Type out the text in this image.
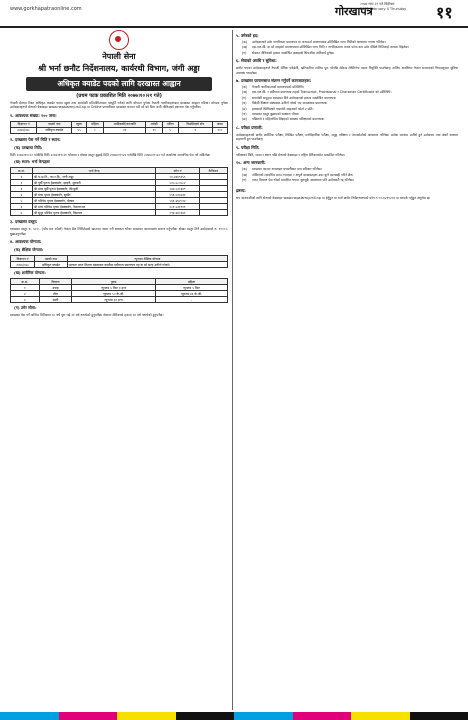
www.gorkhapatraonline.com	गोरखापत्र
२०७७ माघ २१ गते बिहीबार
2021 February 4 Thursday ११
नेपाली सेना
श्री भर्ना छनौट निर्देशनालय, कार्यरथी विभाग, जंगी अड्डा
अधिकृत क्याडेट पदको लागि दरखास्त आह्वान
(प्रथम पटक प्रकाशित मिति २०७७।१०।२१ गते)

नेपाली सेनामा रिक्त अधिकृत क्याडेट पदमा खुला तथा समावेशी प्रतियोगिताबाट पदपूर्ति गर्नको लागि योग्यता पुगेका नेपाली नागरिकहरूबाट दरखास्त आह्वान गरिन्छ। योग्यता पुगेका उम्मेदवारहरूले सेनाको वेबसाइट www.nepalarmy.mil.np मा Online प्रणालीबाट दरखास्त फाराम भरी सो को प्रिन्ट कपी तोकिएको स्थानमा पेश गर्नुपर्नेछ।

१. आवश्यक संख्या: १०० जना।
विज्ञापन नं	पदको नाम	खुला	महिला	आदिवासी/जनजाति	मधेसी	दलित	पिछडिएको क्षेत्र	जम्मा
२०७७/०७८	अधिकृत क्याडेट	५५	८	१२	१०	५	२	१००
२. दरखास्त पेस गर्ने मिति र स्थान:
(क) दरखास्त मिति:

मिति २०७७।१०।२२ गतेदेखि मिति २०७७।११।२१ गतेसम्म र दोब्बर दस्तुर बुझाई मिति २०७७।११।२२ गतेदेखि मिति २०७७।११।२८ गते कार्यालय समयभित्र पेस गर्न सकिनेछ।

(ख) स्थान: भर्ना केन्द्रहरू
क्र.सं.	भर्ना केन्द्र	फोन नं	कैफियत
१	श्री भ.छ.नि., का.र.वि., जंगी अड्डा	०१-४२६९२५९	
२	श्री पूर्वी पृतना हेडक्वार्टर, इटहरी, सुनसरी	०२५-५८०५८२	
३	श्री मध्य पूर्वी पृतना हेडक्वार्टर, सिन्धुली	०४७-५२०३४९	
४	श्री मध्य पृतना हेडक्वार्टर, सुर्खेत	०५६-५२८७३१	
५	श्री पश्चिम पृतना हेडक्वार्टर, पोखरा	०६१-४६२०२२	
६	श्री मध्य पश्चिम पृतना हेडक्वार्टर, नेपालगञ्ज	०८१-५२१९११	
७	श्री सुदूर पश्चिम पृतना हेडक्वार्टर, दिपायल	०९४-४४०२४१	
३. दरखास्त दस्तुर:

दरखास्त दस्तुर रु. ५००।- (पाँच सय रुपैयाँ) नेपाल बैंक लिमिटेडको खातामा जम्मा गरी सक्कल भौचर दरखास्त फारामसाथ संलग्न गर्नुपर्नेछ। दोब्बर दस्तुर तिर्ने उम्मेदवारले रु. १०००।- बुझाउनुपर्नेछ।

४. आवश्यक योग्यता:
(क) शैक्षिक योग्यता:
विज्ञापन नं	पदको नाम	न्यूनतम शैक्षिक योग्यता
२०७७/०७८	अधिकृत क्याडेट	मान्यता प्राप्त शिक्षण संस्थाबाट कम्तीमा प्रवीणता प्रमाणपत्र तह वा सो सरह उत्तीर्ण गरेको।
(ख) शारीरिक योग्यता:
क्र.सं.	विवरण	पुरुष	महिला
१	उचाइ	न्यूनतम ५ फिट ३ इन्च	न्यूनतम ५ फिट
२	तौल	न्यूनतम ५० के.जी.	न्यूनतम ४६ के.जी.
३	छाती	न्यूनतम ३२ इन्च	-
(ग) उमेर सीमा:

दरखास्त पेस गर्ने अन्तिम मितिसम्म १८ वर्ष पूरा भई २१ वर्ष ननाघेको हुनुपर्नेछ। सेवारत सैनिकको हकमा २४ वर्ष ननाघेको हुनुपर्नेछ।

५. उमेरको हद:
(क)	उम्मेदवारको उमेर नागरिकता प्रमाणपत्र वा जन्मदर्ता प्रमाणपत्रमा उल्लिखित जन्म मितिको आधारमा गणना गरिनेछ।
(ख)	एस.एल.सी. वा सो सरहको प्रमाणपत्रमा उल्लिखित जन्म मिति र नागरिकतामा फरक परेमा कम उमेर देखिने मितिलाई मान्यता दिइनेछ।
(ग)	सेवारत सैनिकको हकमा सम्बन्धित इकाइको सिफारिस अनिवार्य हुनेछ।
६. सेवाको अवधि र सुविधा:

छनौट भएका उम्मेदवारहरूले नेपाली सैनिक एकेडेमी, खरिपाटीमा तालिम पूरा गरेपछि सेकेन्ड लेफ्टिनेन्ट पदमा नियुक्ति पाउनेछन्। तालिम अवधिभर नेपाल सरकारको नियमानुसार सुविधा उपलब्ध गराइनेछ।

७. दरखास्त फारामसाथ संलग्न गर्नुपर्ने कागजातहरू:
(क)	नेपाली नागरिकताको प्रमाणपत्रको प्रतिलिपि।
(ख)	एस.एल.सी. र प्रवीणता प्रमाणपत्र तहको Transcript, Provisional र Character Certificate को प्रतिलिपि।
(ग)	समावेशी समूहमा दरखास्त दिने उम्मेदवारको हकमा सम्बन्धित प्रमाणपत्र।
(घ)	विदेशी शिक्षण संस्थाबाट उत्तीर्ण गरेको भए समकक्षता प्रमाणपत्र।
(ङ)	हालसालै खिचिएको पासपोर्ट साइजको फोटो २ प्रति।
(च)	दरखास्त दस्तुर बुझाएको सक्कल भौचर।
(छ)	पछिल्लो ६ महिनाभित्र लिइएको स्वास्थ्य परीक्षणको प्रमाणपत्र।
८. परीक्षा प्रणाली:

उम्मेदवारहरूको छनौट शारीरिक परीक्षा, लिखित परीक्षा, मनोवैज्ञानिक परीक्षा, समूह परीक्षण र अन्तर्वार्ताको आधारमा गरिनेछ। प्रत्येक चरणमा उत्तीर्ण हुने उम्मेदवार मात्र अर्को चरणमा सहभागी हुन पाउनेछन्।

९. परीक्षा मिति:

परीक्षाको मिति, समय र स्थान पछि सेनाको वेबसाइट र राष्ट्रिय दैनिकमार्फत प्रकाशित गरिनेछ।

१०. अन्य जानकारी:
(क)	दरखास्त फाराम अनलाइन प्रणालीबाट मात्र स्वीकार गरिनेछ।
(ख)	तोकिएको म्यादभित्र प्राप्त नभएका र अपूर्ण दरखास्तहरू उपर कुनै कारबाही गरिने छैन।
(ग)	गलत विवरण पेस गरेको प्रमाणित भएमा जुनसुकै अवस्थामा पनि उम्मेदवारी रद्द गरिनेछ।
द्रष्टव्य:

थप जानकारीको लागि सेनाको वेबसाइट www.nepalarmy.mil.np मा हेर्नुहुन वा भर्ना छनौट निर्देशनालयको फोन नं ०१-४२६९२५९ मा सम्पर्क गर्नुहुन अनुरोध छ।
